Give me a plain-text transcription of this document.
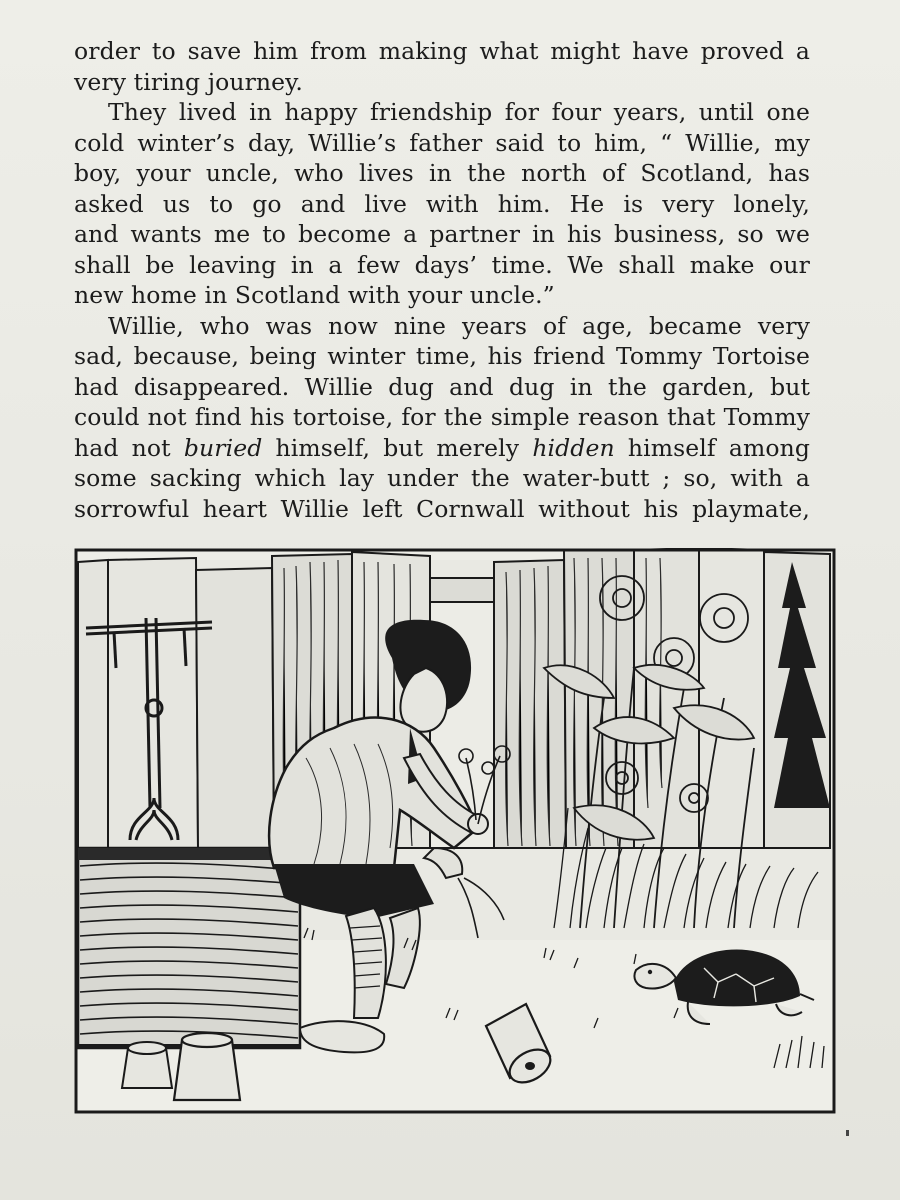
order to save him from making what might have proved a
very tiring journey.
They lived in happy friendship for four years, until one
cold winter’s day, Willie’s father said to him, “ Willie, my
boy, your uncle, who lives in the north of Scotland, has
asked us to go and live with him. He is very lonely,
and wants me to become a partner in his business, so we
shall be leaving in a few days’ time. We shall make our
new home in Scotland with your uncle.”
Willie, who was now nine years of age, became very
sad, because, being winter time, his friend Tommy Tortoise
had disappeared. Willie dug and dug in the garden, but
could not find his tortoise, for the simple reason that Tommy
had not buried himself, but merely hidden himself among
some sacking which lay under the water-butt ; so, with a
sorrowful heart Willie left Cornwall without his playmate,
